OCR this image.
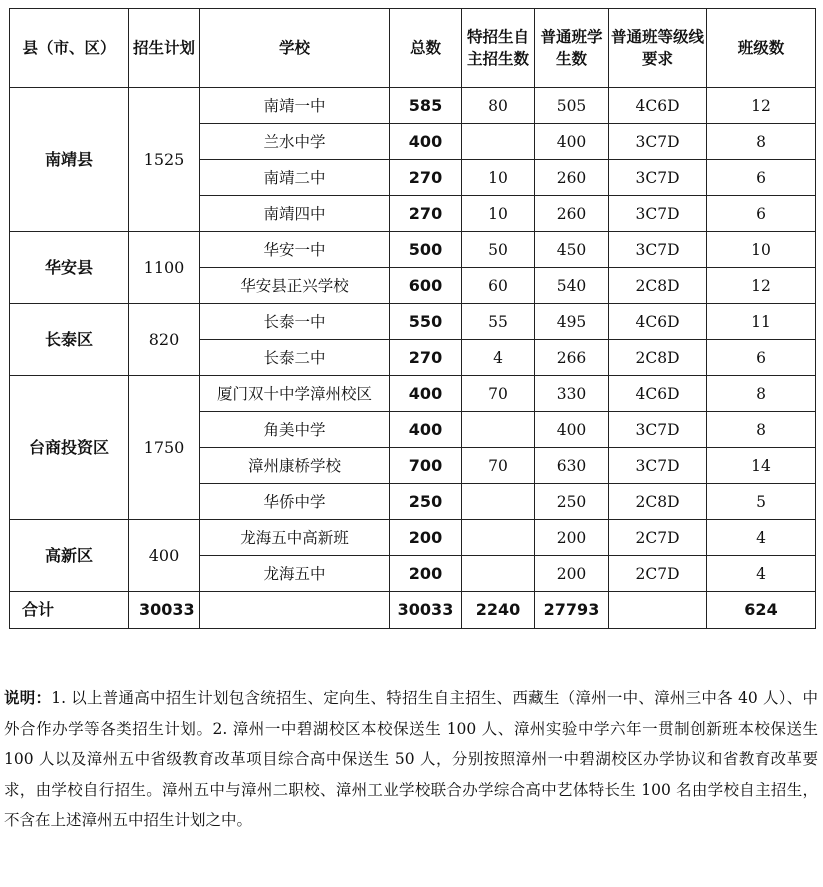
县（市、区）	招生计划	学校	总数	特招生自主招生数	普通班学生数	普通班等级线要求	班级数
南靖县	1525	南靖一中	585	80	505	4C6D	12
		兰水中学	400		400	3C7D	8
		南靖二中	270	10	260	3C7D	6
		南靖四中	270	10	260	3C7D	6
华安县	1100	华安一中	500	50	450	3C7D	10
		华安县正兴学校	600	60	540	2C8D	12
长泰区	820	长泰一中	550	55	495	4C6D	11
		长泰二中	270	4	266	2C8D	6
台商投资区	1750	厦门双十中学漳州校区	400	70	330	4C6D	8
		角美中学	400		400	3C7D	8
		漳州康桥学校	700	70	630	3C7D	14
		华侨中学	250		250	2C8D	5
高新区	400	龙海五中高新班	200		200	2C7D	4
		龙海五中	200		200	2C7D	4
合计	30033		30033	2240	27793		624
说明：1. 以上普通高中招生计划包含统招生、定向生、特招生自主招生、西藏生（漳州一中、漳州三中各 40 人）、中外合作办学等各类招生计划。2. 漳州一中碧湖校区本校保送生 100 人、漳州实验中学六年一贯制创新班本校保送生 100 人以及漳州五中省级教育改革项目综合高中保送生 50 人，分别按照漳州一中碧湖校区办学协议和省教育改革要求，由学校自行招生。漳州五中与漳州二职校、漳州工业学校联合办学综合高中艺体特长生 100 名由学校自主招生，不含在上述漳州五中招生计划之中。
